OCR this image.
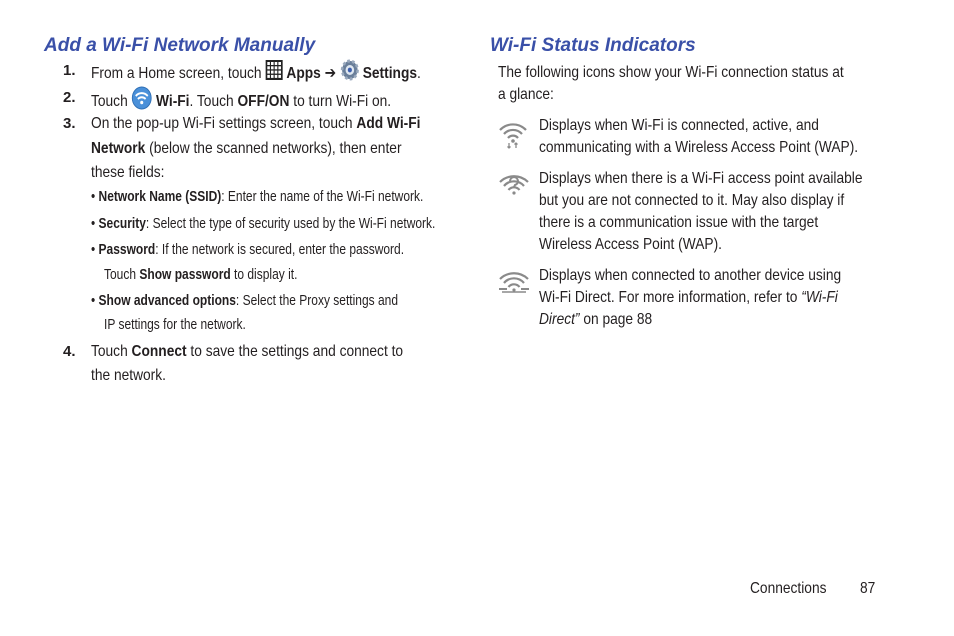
Add a Wi-Fi Network Manually
1. From a Home screen, touch  Apps ➔  Settings.
2. Touch  Wi-Fi. Touch OFF/ON to turn Wi-Fi on.
3. On the pop-up Wi-Fi settings screen, touch Add Wi-Fi
Network (below the scanned networks), then enter
these fields:
• Network Name (SSID): Enter the name of the Wi-Fi network.
• Security: Select the type of security used by the Wi-Fi network.
• Password: If the network is secured, enter the password.
Touch Show password to display it.
• Show advanced options: Select the Proxy settings and
IP settings for the network.
4. Touch Connect to save the settings and connect to
the network.
Wi-Fi Status Indicators
The following icons show your Wi-Fi connection status at
a glance:
Displays when Wi-Fi is connected, active, and
communicating with a Wireless Access Point (WAP).
Displays when there is a Wi-Fi access point available
but you are not connected to it. May also display if
there is a communication issue with the target
Wireless Access Point (WAP).
Displays when connected to another device using
Wi-Fi Direct. For more information, refer to “Wi-Fi
Direct” on page 88
Connections	87
